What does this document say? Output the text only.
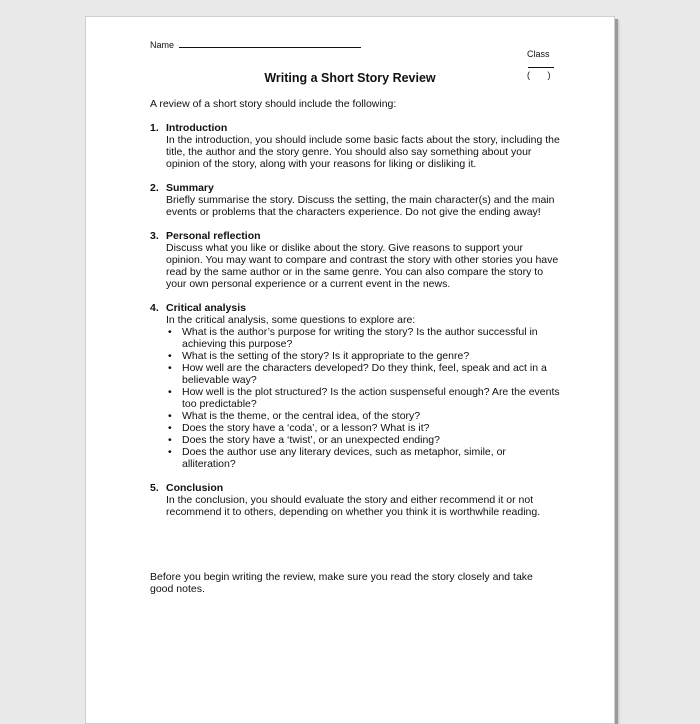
Name

Class

(       )

Writing a Short Story Review
A review of a short story should include the following:
1. Introduction

In the introduction, you should include some basic facts about the story, including the title, the author and the story genre. You should also say something about your opinion of the story, along with your reasons for liking or disliking it.

2. Summary

Briefly summarise the story. Discuss the setting, the main character(s) and the main events or problems that the characters experience. Do not give the ending away!

3. Personal reflection

Discuss what you like or dislike about the story. Give reasons to support your opinion. You may want to compare and contrast the story with other stories you have read by the same author or in the same genre. You can also compare the story to your own personal experience or a current event in the news.

4. Critical analysis

In the critical analysis, some questions to explore are:

• What is the author’s purpose for writing the story? Is the author successful in achieving this purpose?
• What is the setting of the story? Is it appropriate to the genre?
• How well are the characters developed? Do they think, feel, speak and act in a believable way?
• How well is the plot structured? Is the action suspenseful enough? Are the events too predictable?
• What is the theme, or the central idea, of the story?
• Does the story have a ‘coda’, or a lesson? What is it?
• Does the story have a ‘twist’, or an unexpected ending?
• Does the author use any literary devices, such as metaphor, simile, or alliteration?
5. Conclusion

In the conclusion, you should evaluate the story and either recommend it or not recommend it to others, depending on whether you think it is worthwhile reading.

Before you begin writing the review, make sure you read the story closely and take good notes.
